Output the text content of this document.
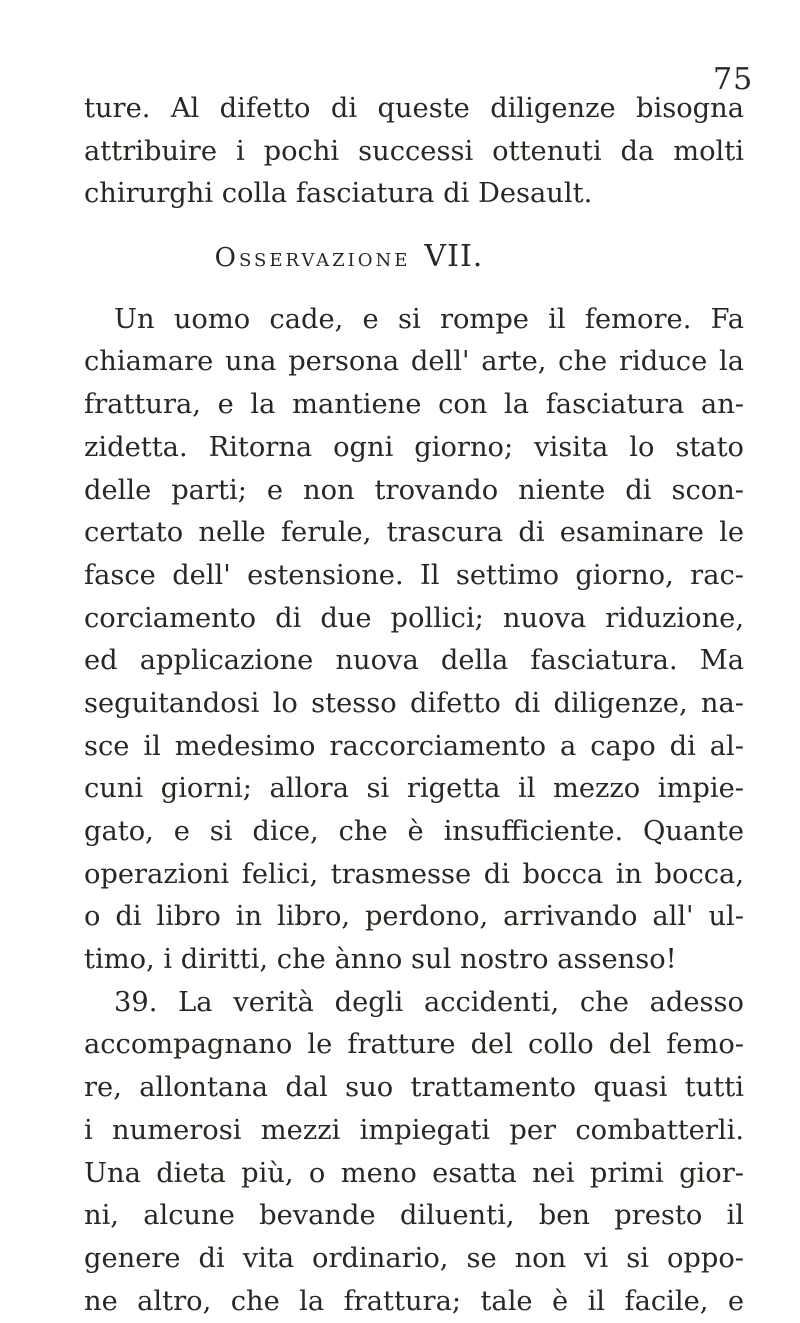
75
ture. Al difetto di queste diligenze bisogna
attribuire i pochi successi ottenuti da molti
chirurghi colla fasciatura di Desault.
Osservazione VII.
Un uomo cade, e si rompe il femore. Fa
chiamare una persona dell' arte, che riduce la
frattura, e la mantiene con la fasciatura an-
zidetta. Ritorna ogni giorno; visita lo stato
delle parti; e non trovando niente di scon-
certato nelle ferule, trascura di esaminare le
fasce dell' estensione. Il settimo giorno, rac-
corciamento di due pollici; nuova riduzione,
ed applicazione nuova della fasciatura. Ma
seguitandosi lo stesso difetto di diligenze, na-
sce il medesimo raccorciamento a capo di al-
cuni giorni; allora si rigetta il mezzo impie-
gato, e si dice, che è insufficiente. Quante
operazioni felici, trasmesse di bocca in bocca,
o di libro in libro, perdono, arrivando all' ul-
timo, i diritti, che ànno sul nostro assenso!
39. La verità degli accidenti, che adesso
accompagnano le fratture del collo del femo-
re, allontana dal suo trattamento quasi tutti
i numerosi mezzi impiegati per combatterli.
Una dieta più, o meno esatta nei primi gior-
ni, alcune bevande diluenti, ben presto il
genere di vita ordinario, se non vi si oppo-
ne altro, che la frattura; tale è il facile, e
